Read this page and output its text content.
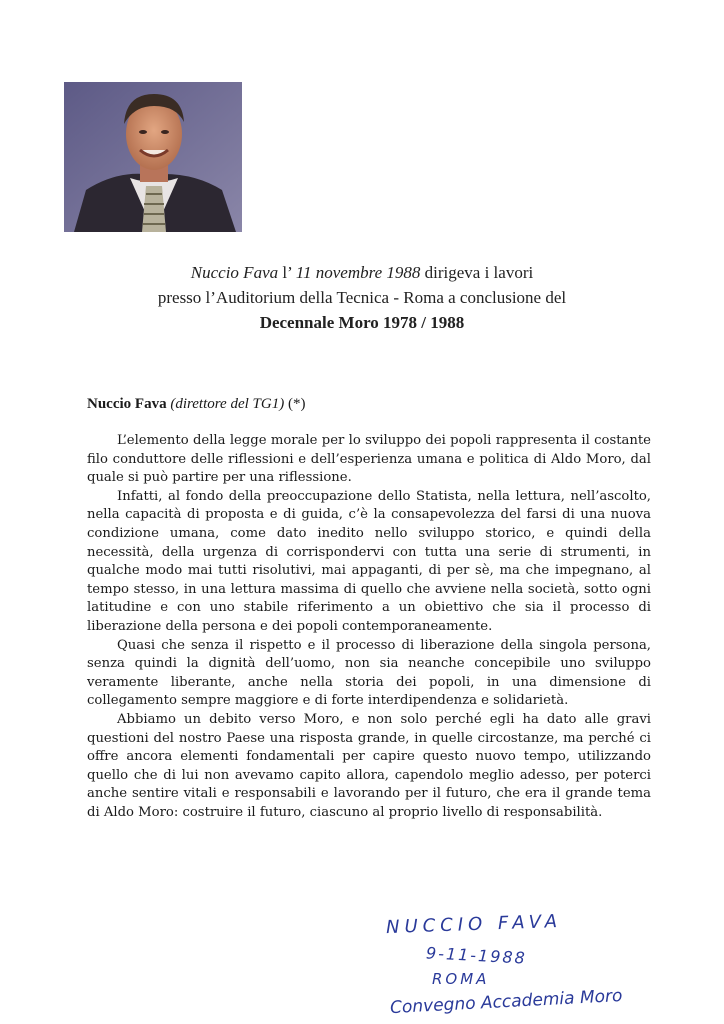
Nuccio Fava l’ 11 novembre 1988 dirigeva i lavori
presso l’Auditorium della Tecnica - Roma a conclusione del
Decennale Moro 1978 / 1988
Nuccio Fava (direttore del TG1) (*)

L’elemento della legge morale per lo sviluppo dei popoli rappresenta il costante filo conduttore delle riflessioni e dell’esperienza umana e politica di Aldo Moro, dal quale si può partire per una riflessione.

Infatti, al fondo della preoccupazione dello Statista, nella lettura, nell’ascolto, nella capacità di proposta e di guida, c’è la consapevolezza del farsi di una nuova condizione umana, come dato inedito nello sviluppo storico, e quindi della necessità, della urgenza di corrispondervi con tutta una serie di strumenti, in qualche modo mai tutti risolutivi, mai appaganti, di per sè, ma che impegnano, al tempo stesso, in una lettura massima di quello che avviene nella società, sotto ogni latitudine e con uno stabile riferimento a un obiettivo che sia il processo di liberazione della persona e dei popoli contemporaneamente.

Quasi che senza il rispetto e il processo di liberazione della singola persona, senza quindi la dignità dell’uomo, non sia neanche concepibile uno sviluppo veramente liberante, anche nella storia dei popoli, in una dimensione di collegamento sempre maggiore e di forte interdipendenza e solidarietà.

Abbiamo un debito verso Moro, e non solo perché egli ha dato alle gravi questioni del nostro Paese una risposta grande, in quelle circostanze, ma perché ci offre ancora elementi fondamentali per capire questo nuovo tempo, utilizzando quello che di lui non avevamo capito allora, capendolo meglio adesso, per poterci anche sentire vitali e responsabili e lavorando per il futuro, che era il grande tema di Aldo Moro: costruire il futuro, ciascuno al proprio livello di responsabilità.

NUCCIO FAVA
9-11-1988
ROMA
Convegno Accademia Moro
